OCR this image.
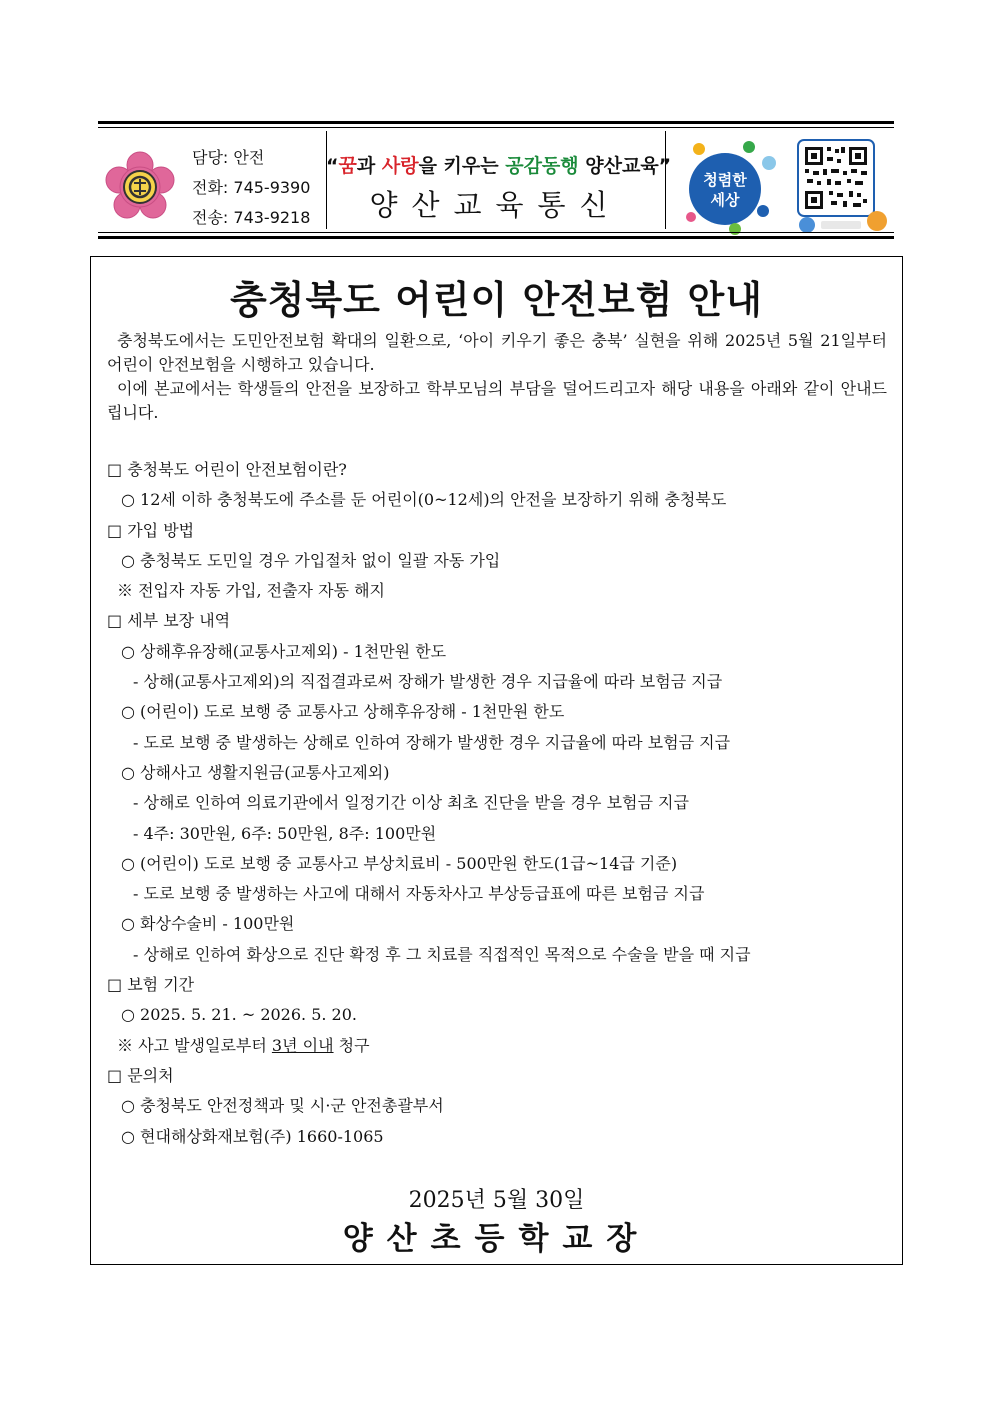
담당: 안전
전화: 745-9390
전송: 743-9218
“꿈과 사랑을 키우는 공감동행 양산교육”
양산교육통신
청렴한
세상
충청북도 어린이 안전보험 안내

충청북도에서는 도민안전보험 확대의 일환으로, ‘아이 키우기 좋은 충북’ 실현을 위해 2025년 5월 21일부터 어린이 안전보험을 시행하고 있습니다.

이에 본교에서는 학생들의 안전을 보장하고 학부모님의 부담을 덜어드리고자 해당 내용을 아래와 같이 안내드립니다.

□ 충청북도 어린이 안전보험이란?
○ 12세 이하 충청북도에 주소를 둔 어린이(0~12세)의 안전을 보장하기 위해 충청북도
□ 가입 방법
○ 충청북도 도민일 경우 가입절차 없이 일괄 자동 가입
※ 전입자 자동 가입, 전출자 자동 해지
□ 세부 보장 내역
○ 상해후유장해(교통사고제외) - 1천만원 한도
- 상해(교통사고제외)의 직접결과로써 장해가 발생한 경우 지급율에 따라 보험금 지급
○ (어린이) 도로 보행 중 교통사고 상해후유장해 - 1천만원 한도
- 도로 보행 중 발생하는 상해로 인하여 장해가 발생한 경우 지급율에 따라 보험금 지급
○ 상해사고 생활지원금(교통사고제외)
- 상해로 인하여 의료기관에서 일정기간 이상 최초 진단을 받을 경우 보험금 지급
- 4주: 30만원, 6주: 50만원, 8주: 100만원
○ (어린이) 도로 보행 중 교통사고 부상치료비 - 500만원 한도(1급~14급 기준)
- 도로 보행 중 발생하는 사고에 대해서 자동차사고 부상등급표에 따른 보험금 지급
○ 화상수술비 - 100만원
- 상해로 인하여 화상으로 진단 확정 후 그 치료를 직접적인 목적으로 수술을 받을 때 지급
□ 보험 기간
○ 2025. 5. 21. ~ 2026. 5. 20.
※ 사고 발생일로부터 3년 이내 청구
□ 문의처
○ 충청북도 안전정책과 및 시·군 안전총괄부서
○ 현대해상화재보험(주) 1660-1065
2025년 5월 30일
양산초등학교장
